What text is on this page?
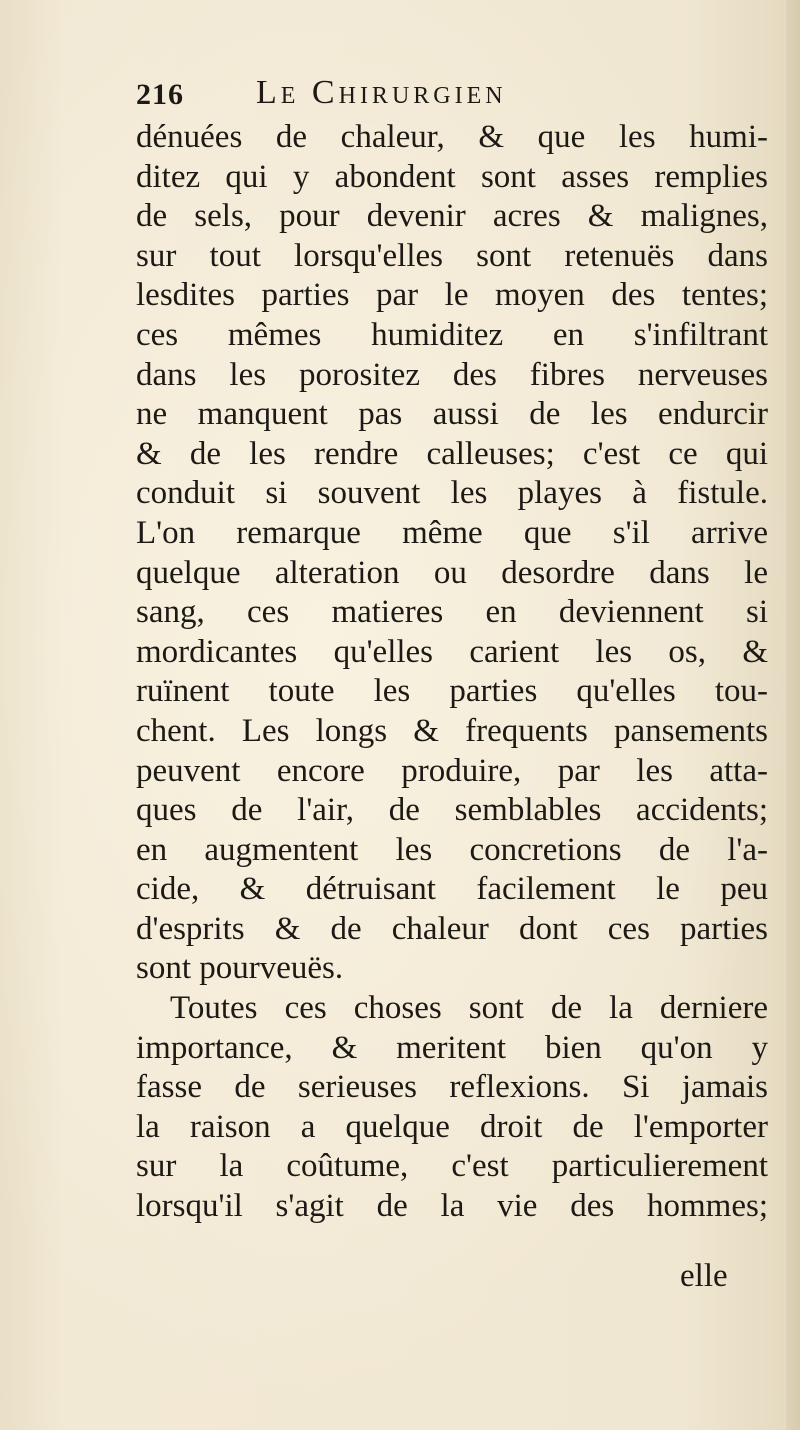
216 Le Chirurgien
dénuées de chaleur, & que les humi-
ditez qui y abondent sont asses remplies
de sels, pour devenir acres & malignes,
sur tout lorsqu'elles sont retenuës dans
lesdites parties par le moyen des tentes;
ces mêmes humiditez en s'infiltrant
dans les porositez des fibres nerveuses
ne manquent pas aussi de les endurcir
& de les rendre calleuses; c'est ce qui
conduit si souvent les playes à fistule.
L'on remarque même que s'il arrive
quelque alteration ou desordre dans le
sang, ces matieres en deviennent si
mordicantes qu'elles carient les os, &
ruïnent toute les parties qu'elles tou-
chent. Les longs & frequents pansements
peuvent encore produire, par les atta-
ques de l'air, de semblables accidents;
en augmentent les concretions de l'a-
cide, & détruisant facilement le peu
d'esprits & de chaleur dont ces parties
sont pourveuës.
Toutes ces choses sont de la derniere
importance, & meritent bien qu'on y
fasse de serieuses reflexions. Si jamais
la raison a quelque droit de l'emporter
sur la coûtume, c'est particulierement
lorsqu'il s'agit de la vie des hommes;
elle
